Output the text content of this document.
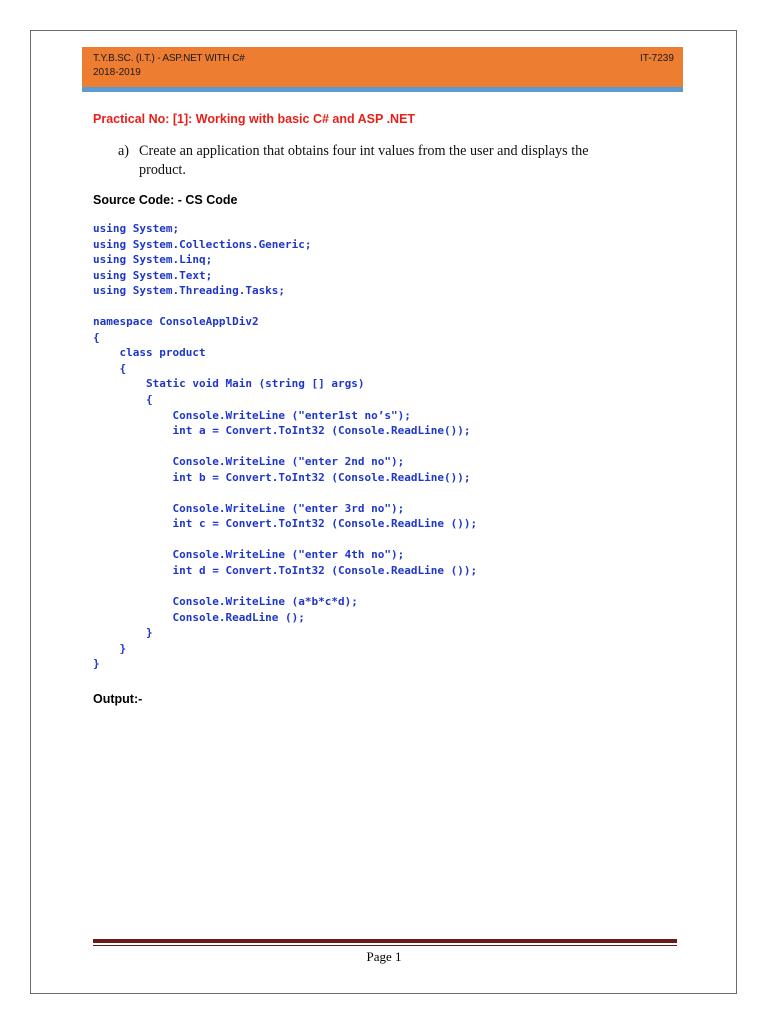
T.Y.B.SC. (I.T.) - ASP.NET WITH C#
2018-2019
IT-7239
Practical No: [1]: Working with basic C# and ASP .NET
a) Create an application that obtains four int values from the user and displays the product.
Source Code: - CS Code
using System;
using System.Collections.Generic;
using System.Linq;
using System.Text;
using System.Threading.Tasks;

namespace ConsoleApplDiv2
{
class product
{
Static void Main (string [] args)
{
Console.WriteLine ("enter1st no’s");
int a = Convert.ToInt32 (Console.ReadLine());

Console.WriteLine ("enter 2nd no");
int b = Convert.ToInt32 (Console.ReadLine());

Console.WriteLine ("enter 3rd no");
int c = Convert.ToInt32 (Console.ReadLine ());

Console.WriteLine ("enter 4th no");
int d = Convert.ToInt32 (Console.ReadLine ());

Console.WriteLine (a*b*c*d);
Console.ReadLine ();
}
}
}
Output:-
Page 1
